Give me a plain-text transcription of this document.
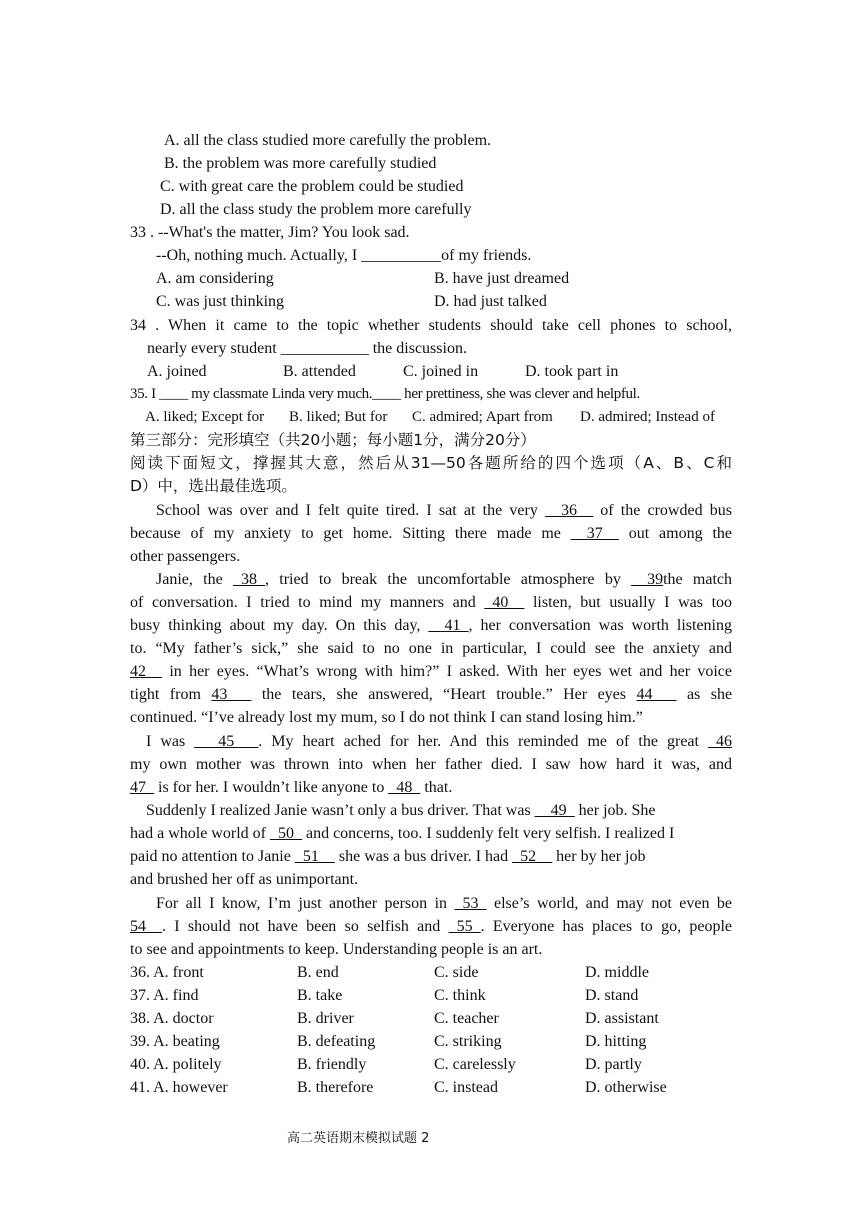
A. all the class studied more carefully the problem.
B. the problem was more carefully studied
C. with great care the problem could be studied
D. all the class study the problem more carefully
33 . --What's the matter, Jim? You look sad.
--Oh, nothing much. Actually, I __________of my friends.
A. am considering	B. have just dreamed
C. was just thinking	D. had just talked
34 . When it came to the topic whether students should take cell phones to school,
nearly every student ___________ the discussion.
A. joined	B. attended	C. joined in	D. took part in
35. I ____ my classmate Linda very much.____ her prettiness, she was clever and helpful.
A. liked; Except for B. liked; But for C. admired; Apart from D. admired; Instead of
第三部分：完形填空（共20小题；每小题1分，满分20分）
阅读下面短文，撑握其大意，然后从31—50各题所给的四个选项（A、B、C和
D）中，选出最佳选项。
School was over and I felt quite tired. I sat at the very __36__ of the crowded bus
because of my anxiety to get home. Sitting there made me __37__ out among the
other passengers.
Janie, the _38_, tried to break the uncomfortable atmosphere by __39the match
of conversation. I tried to mind my manners and _40__ listen, but usually I was too
busy thinking about my day. On this day, __41_, her conversation was worth listening
to. “My father’s sick,” she said to no one in particular, I could see the anxiety and
42__ in her eyes. “What’s wrong with him?” I asked. With her eyes wet and her voice
tight from 43___ the tears, she answered, “Heart trouble.” Her eyes 44___ as she
continued. “I’ve already lost my mum, so I do not think I can stand losing him.”
I was ___45___. My heart ached for her. And this reminded me of the great _46
my own mother was thrown into when her father died. I saw how hard it was, and
47_ is for her. I wouldn’t like anyone to _48_ that.
Suddenly I realized Janie wasn’t only a bus driver. That was __49_ her job. She
had a whole world of _50_ and concerns, too. I suddenly felt very selfish. I realized I
paid no attention to Janie _51__ she was a bus driver. I had _52__ her by her job
and brushed her off as unimportant.
For all I know, I’m just another person in _53_ else’s world, and may not even be
54__. I should not have been so selfish and _55_. Everyone has places to go, people
to see and appointments to keep. Understanding people is an art.
36. A. front	B. end	C. side	D. middle
37. A. find	B. take	C. think	D. stand
38. A. doctor	B. driver	C. teacher	D. assistant
39. A. beating	B. defeating	C. striking	D. hitting
40. A. politely	B. friendly	C. carelessly	D. partly
41. A. however	B. therefore	C. instead	D. otherwise
高二英语期末模拟试题 2
